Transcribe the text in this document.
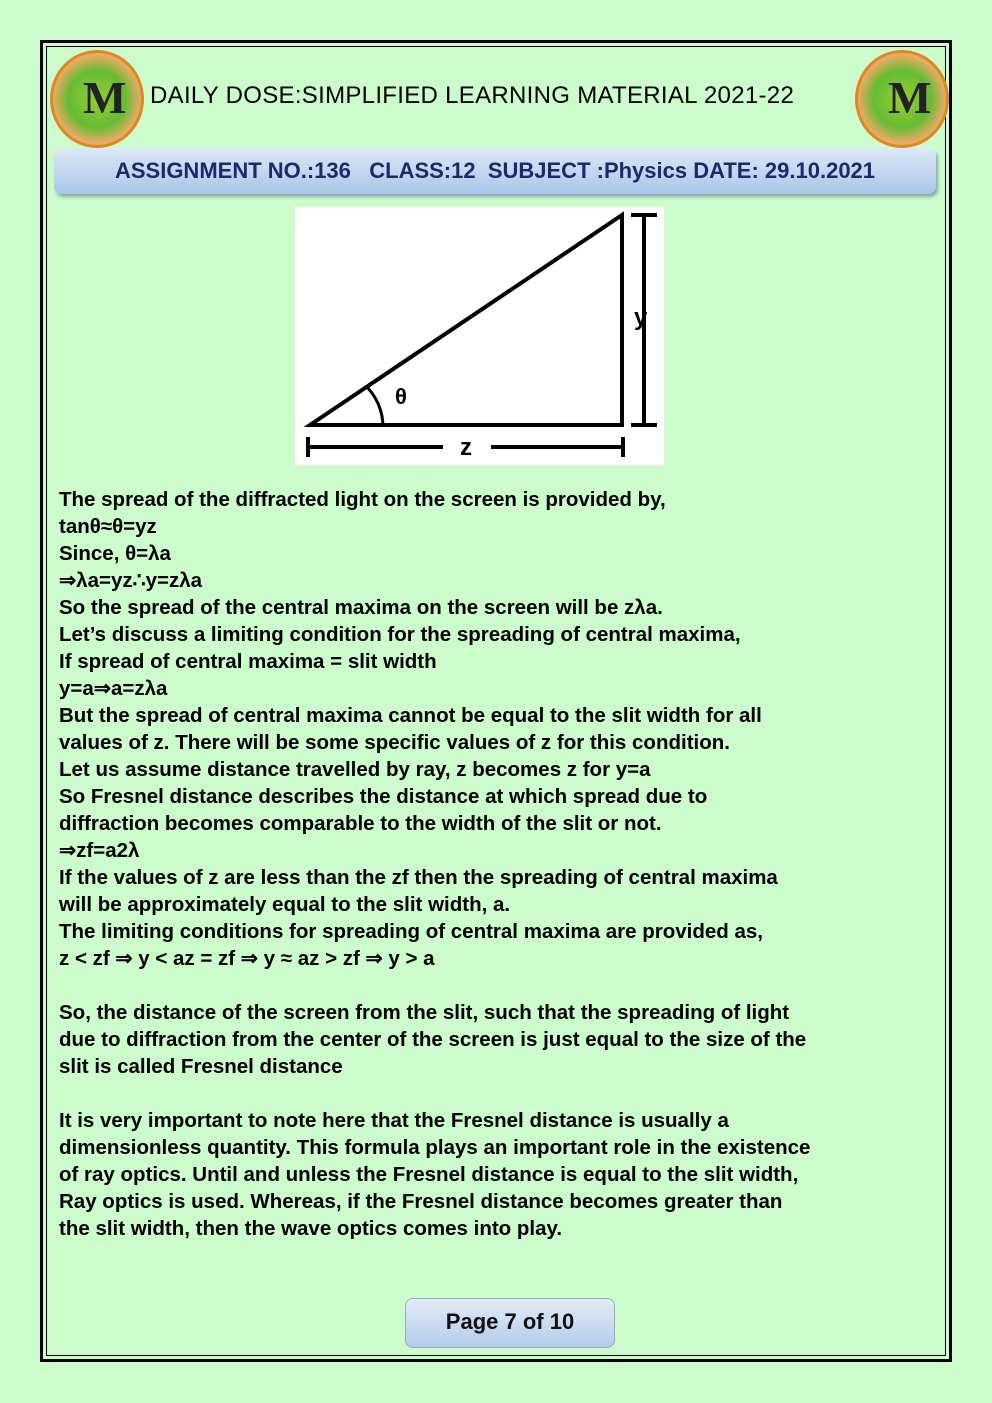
M	M
DAILY DOSE:SIMPLIFIED LEARNING MATERIAL 2021-22
ASSIGNMENT NO.:136   CLASS:12  SUBJECT :Physics DATE: 29.10.2021
θ
y
z
The spread of the diffracted light on the screen is provided by,
tanθ≈θ=yz
Since, θ=λa
⇒λa=yz∴y=zλa
So the spread of the central maxima on the screen will be zλa.
Let’s discuss a limiting condition for the spreading of central maxima,
If spread of central maxima = slit width
y=a⇒a=zλa
But the spread of central maxima cannot be equal to the slit width for all
values of z. There will be some specific values of z for this condition.
Let us assume distance travelled by ray, z becomes z for y=a
So Fresnel distance describes the distance at which spread due to
diffraction becomes comparable to the width of the slit or not.
⇒zf=a2λ
If the values of z are less than the zf then the spreading of central maxima
will be approximately equal to the slit width, a.
The limiting conditions for spreading of central maxima are provided as,
z < zf ⇒ y < az = zf ⇒ y ≈ az > zf ⇒ y > a
So, the distance of the screen from the slit, such that the spreading of light
due to diffraction from the center of the screen is just equal to the size of the
slit is called Fresnel distance
It is very important to note here that the Fresnel distance is usually a
dimensionless quantity. This formula plays an important role in the existence
of ray optics. Until and unless the Fresnel distance is equal to the slit width,
Ray optics is used. Whereas, if the Fresnel distance becomes greater than
the slit width, then the wave optics comes into play.
Page 7 of 10
